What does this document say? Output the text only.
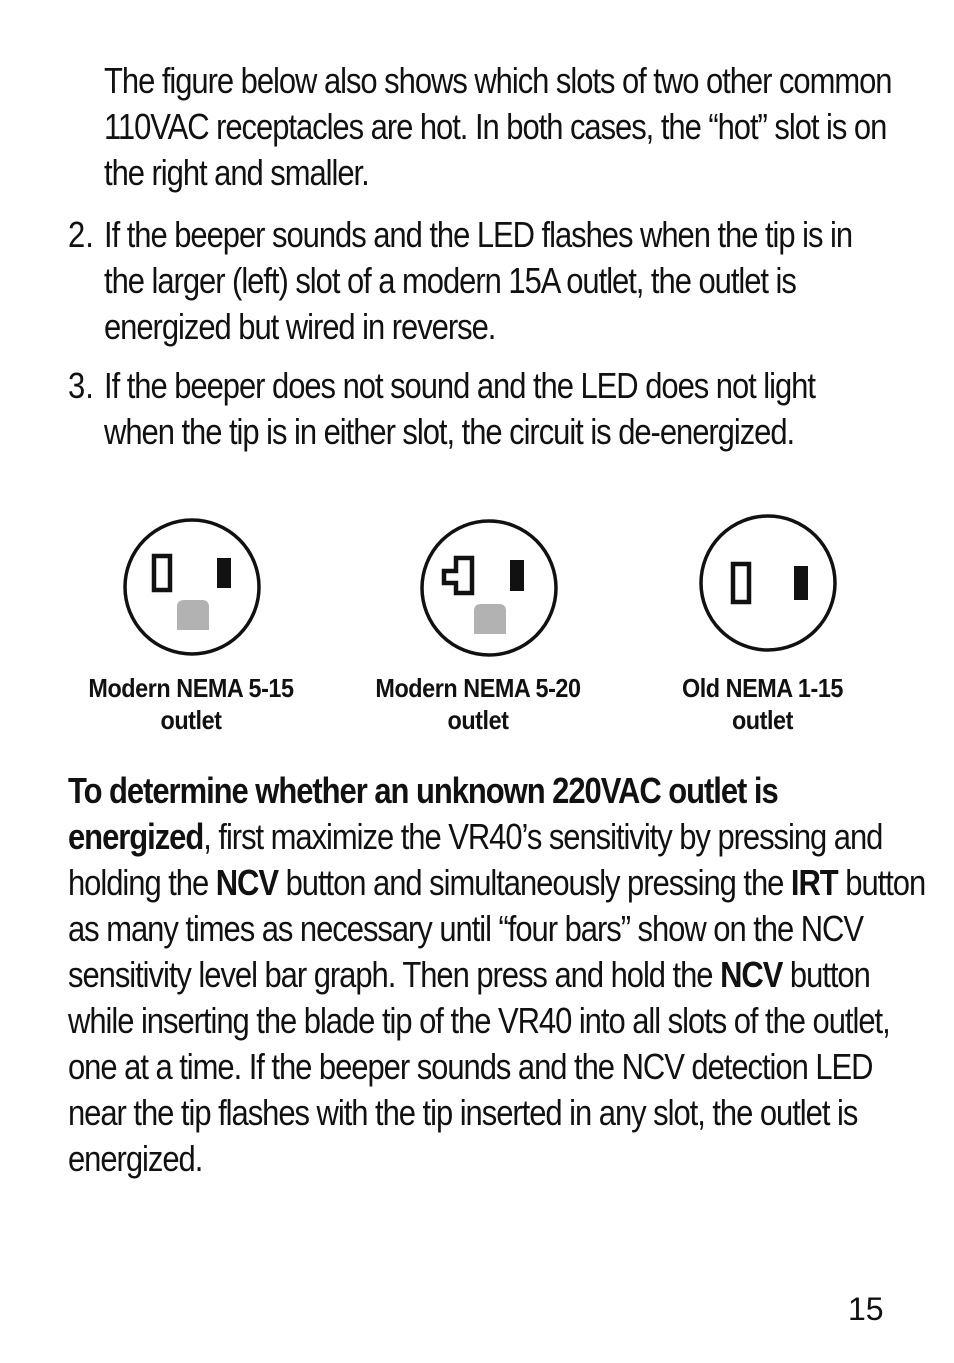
The figure below also shows which slots of two other common 110VAC receptacles are hot. In both cases, the “hot” slot is on the right and smaller.

2. If the beeper sounds and the LED flashes when the tip is in the larger (left) slot of a modern 15A outlet, the outlet is energized but wired in reverse.

3. If the beeper does not sound and the LED does not light when the tip is in either slot, the circuit is de-energized.

Modern NEMA 5-15
outlet
Modern NEMA 5-20
outlet
Old NEMA 1-15
outlet

To determine whether an unknown 220VAC outlet is energized, first maximize the VR40’s sensitivity by pressing and holding the NCV button and simultaneously pressing the IRT button as many times as necessary until “four bars” show on the NCV sensitivity level bar graph. Then press and hold the NCV button while inserting the blade tip of the VR40 into all slots of the outlet, one at a time. If the beeper sounds and the NCV detection LED near the tip flashes with the tip inserted in any slot, the outlet is energized.

15
